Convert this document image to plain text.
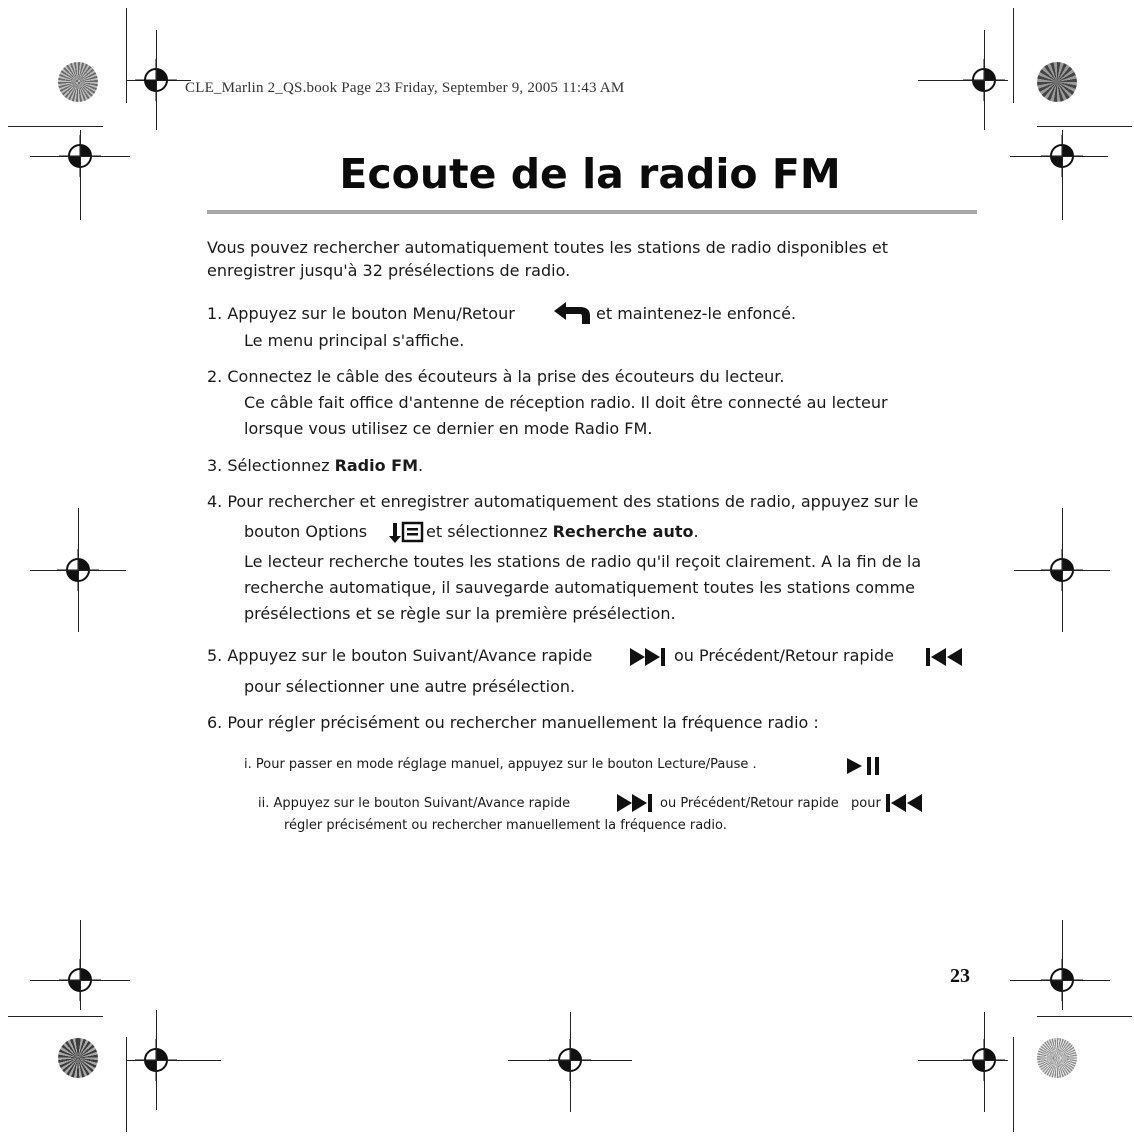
CLE_Marlin 2_QS.book Page 23 Friday, September 9, 2005 11:43 AM
Ecoute de la radio FM
Vous pouvez rechercher automatiquement toutes les stations de radio disponibles et
enregistrer jusqu'à 32 présélections de radio.
1. Appuyez sur le bouton Menu/Retour	et maintenez-le enfoncé.
Le menu principal s'affiche.
2. Connectez le câble des écouteurs à la prise des écouteurs du lecteur.
Ce câble fait office d'antenne de réception radio. Il doit être connecté au lecteur
lorsque vous utilisez ce dernier en mode Radio FM.
3. Sélectionnez Radio FM.
4. Pour rechercher et enregistrer automatiquement des stations de radio, appuyez sur le
bouton Options	et sélectionnez Recherche auto.
Le lecteur recherche toutes les stations de radio qu'il reçoit clairement. A la fin de la
recherche automatique, il sauvegarde automatiquement toutes les stations comme
présélections et se règle sur la première présélection.
5. Appuyez sur le bouton Suivant/Avance rapide	ou Précédent/Retour rapide
pour sélectionner une autre présélection.
6. Pour régler précisément ou rechercher manuellement la fréquence radio :
i. Pour passer en mode réglage manuel, appuyez sur le bouton Lecture/Pause .
ii. Appuyez sur le bouton Suivant/Avance rapide	ou Précédent/Retour rapide pour
régler précisément ou rechercher manuellement la fréquence radio.
23
